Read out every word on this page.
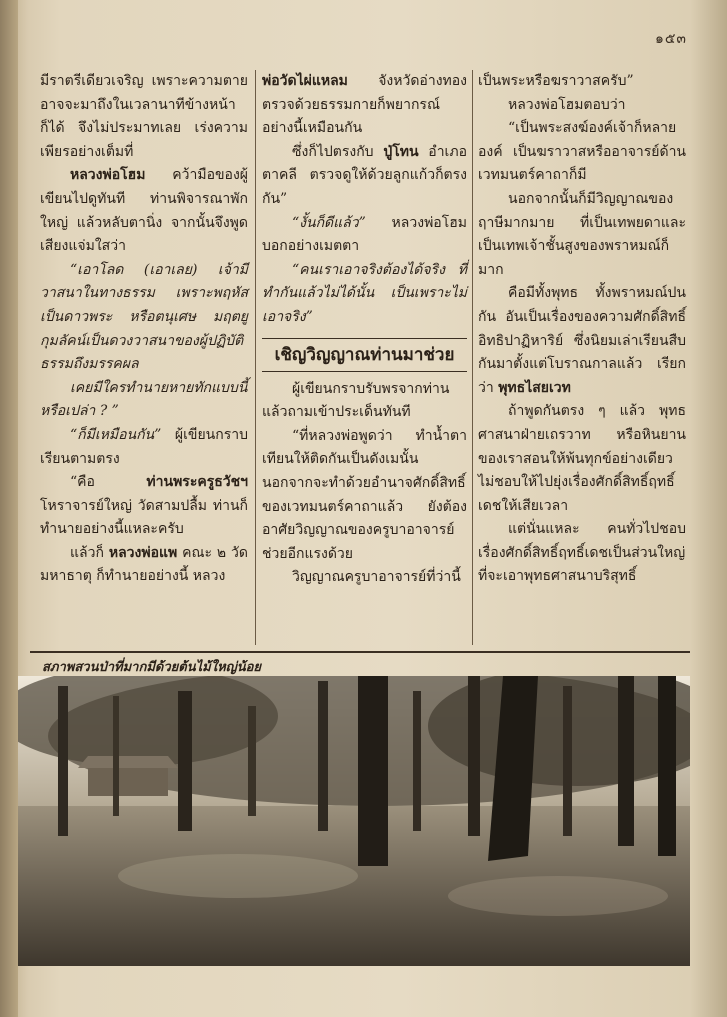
๑๕๓

มีราตรีเดียวเจริญ เพราะความตายอาจจะมาถึงในเวลานาทีข้างหน้าก็ได้ จึงไม่ประมาทเลย เร่งความเพียรอย่างเต็มที่

หลวงพ่อโฮม คว้ามือของผู้เขียนไปดูทันที ท่านพิจารณาพักใหญ่ แล้วหลับตานิ่ง จากนั้นจึงพูดเสียงแจ่มใสว่า

“เอาโลด (เอาเลย) เจ้ามีวาสนาในทางธรรม เพราะพฤหัสเป็นดาวพระ หรือตนุเศษ มฤตยูกุมลัคน์เป็นดวงวาสนาของผู้ปฏิบัติธรรมถึงมรรคผล

เคยมีใครทำนายหายทักแบบนี้หรือเปล่า ? ”

“ก็มีเหมือนกัน” ผู้เขียนกราบเรียนตามตรง

“คือ ท่านพระครูธวัชฯ โหราจารย์ใหญ่ วัดสามปลื้ม ท่านก็ทำนายอย่างนี้แหละครับ

แล้วก็ หลวงพ่อแพ คณะ ๒ วัดมหาธาตุ ก็ทำนายอย่างนี้ หลวง

พ่อวัดไผ่แหลม จังหวัดอ่างทอง ตรวจด้วยธรรมกายก็พยากรณ์อย่างนี้เหมือนกัน

ซึ่งก็ไปตรงกับ ปู่โทน อำเภอตาคลี ตรวจดูให้ด้วยลูกแก้วก็ตรงกัน”

“งั้นก็ดีแล้ว” หลวงพ่อโฮมบอกอย่างเมตตา

“คนเราเอาจริงต้องได้จริง ที่ทำกันแล้วไม่ได้นั้น เป็นเพราะไม่เอาจริง”

เชิญวิญญาณท่านมาช่วย

ผู้เขียนกราบรับพรจากท่าน แล้วถามเข้าประเด็นทันที

“ที่หลวงพ่อพูดว่า ทำน้ำตาเทียนให้ติดกันเป็นดังเมนั้น นอกจากจะทำด้วยอำนาจศักดิ์สิทธิ์ของเวทมนตร์คาถาแล้ว ยังต้องอาศัยวิญญาณของครูบาอาจารย์ช่วยอีกแรงด้วย

วิญญาณครูบาอาจารย์ที่ว่านี้

เป็นพระหรือฆราวาสครับ”

หลวงพ่อโฮมตอบว่า

“เป็นพระสงฆ์องค์เจ้าก็หลายองค์ เป็นฆราวาสหรืออาจารย์ด้านเวทมนตร์คาถาก็มี

นอกจากนั้นก็มีวิญญาณของฤาษีมากมาย ที่เป็นเทพยดาและเป็นเทพเจ้าชั้นสูงของพราหมณ์ก็มาก

คือมีทั้งพุทธ ทั้งพราหมณ์ปนกัน อันเป็นเรื่องของความศักดิ์สิทธิ์อิทธิปาฏิหาริย์ ซึ่งนิยมเล่าเรียนสืบกันมาตั้งแต่โบราณกาลแล้ว เรียกว่า พุทธไสยเวท

ถ้าพูดกันตรง ๆ แล้ว พุทธศาสนาฝ่ายเถรวาท หรือหินยานของเราสอนให้พ้นทุกข์อย่างเดียว ไม่ชอบให้ไปยุ่งเรื่องศักดิ์สิทธิ์ฤทธิ์เดชให้เสียเวลา

แต่นั่นแหละ คนทั่วไปชอบเรื่องศักดิ์สิทธิ์ฤทธิ์เดชเป็นส่วนใหญ่ ที่จะเอาพุทธศาสนาบริสุทธิ์

สภาพสวนป่าที่มากมีด้วยต้นไม้ใหญ่น้อย
